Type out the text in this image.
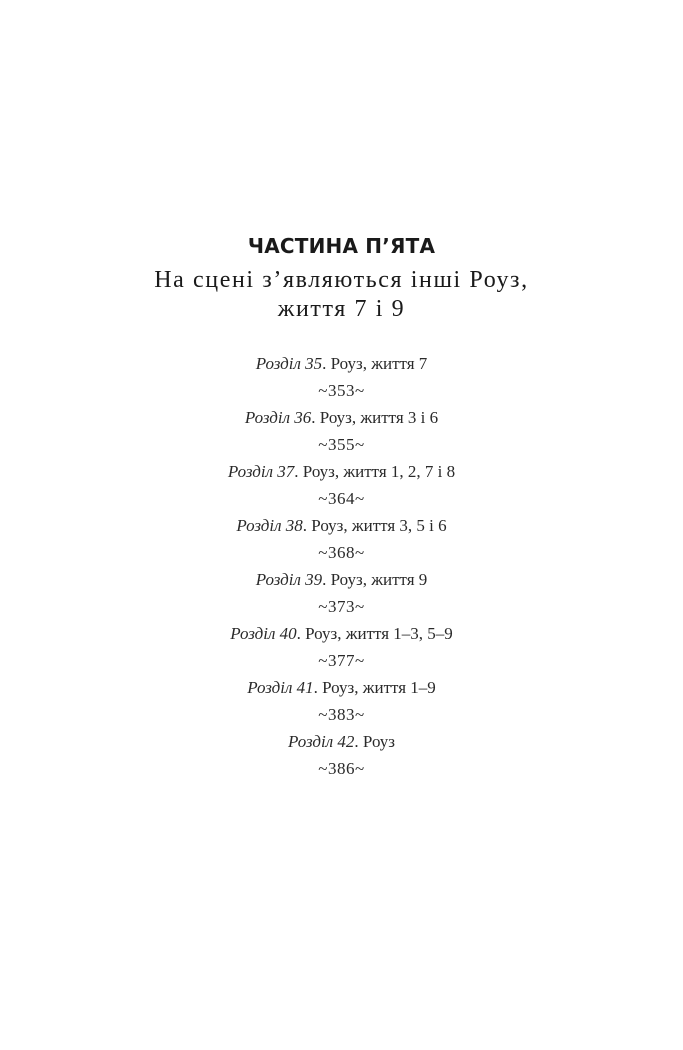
ЧАСТИНА П’ЯТА
На сцені з’являються інші Роуз,
життя 7 і 9
Розділ 35. Роуз, життя 7
~353~
Розділ 36. Роуз, життя 3 і 6
~355~
Розділ 37. Роуз, життя 1, 2, 7 і 8
~364~
Розділ 38. Роуз, життя 3, 5 і 6
~368~
Розділ 39. Роуз, життя 9
~373~
Розділ 40. Роуз, життя 1–3, 5–9
~377~
Розділ 41. Роуз, життя 1–9
~383~
Розділ 42. Роуз
~386~
